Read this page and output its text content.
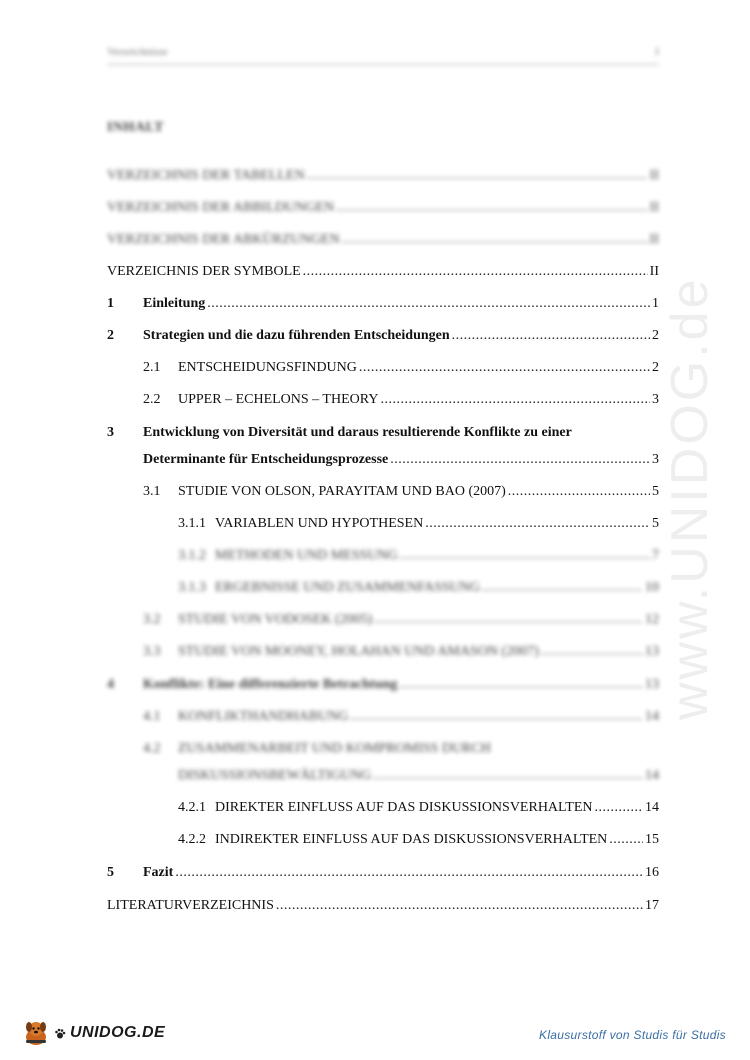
www.UNIDOG.de
Verzeichnisse	I
INHALT
VERZEICHNIS DER TABELLEN .....	II
VERZEICHNIS DER ABBILDUNGEN .....	II
VERZEICHNIS DER ABKÜRZUNGEN .....	II
VERZEICHNIS DER SYMBOLE .....	II
1	Einleitung .....	1
2	Strategien und die dazu führenden Entscheidungen .....	2
2.1	ENTSCHEIDUNGSFINDUNG .....	2
2.2	UPPER – ECHELONS – THEORY .....	3
3	Entwicklung von Diversität und daraus resultierende Konflikte zu einer
Determinante für Entscheidungsprozesse .....	3
3.1	STUDIE VON OLSON, PARAYITAM UND BAO (2007) .....	5
3.1.1 VARIABLEN UND HYPOTHESEN .....	5
3.1.2 METHODEN UND MESSUNG .....	7
3.1.3 ERGEBNISSE UND ZUSAMMENFASSUNG .....	10
3.2	STUDIE VON VODOSEK (2005) .....	12
3.3	STUDIE VON MOONEY, HOLAHAN UND AMASON (2007) .....	13
4	Konflikte: Eine differenzierte Betrachtung .....	13
4.1	KONFLIKTHANDHABUNG .....	14
4.2	ZUSAMMENARBEIT UND KOMPROMISS DURCH
DISKUSSIONSBEWÄLTIGUNG .....	14
4.2.1 DIREKTER EINFLUSS AUF DAS DISKUSSIONSVERHALTEN .....	14
4.2.2 INDIREKTER EINFLUSS AUF DAS DISKUSSIONSVERHALTEN .....	15
5	Fazit .....	16
LITERATURVERZEICHNIS .....	17
UNIDOG.DE	Klausurstoff von Studis für Studis
